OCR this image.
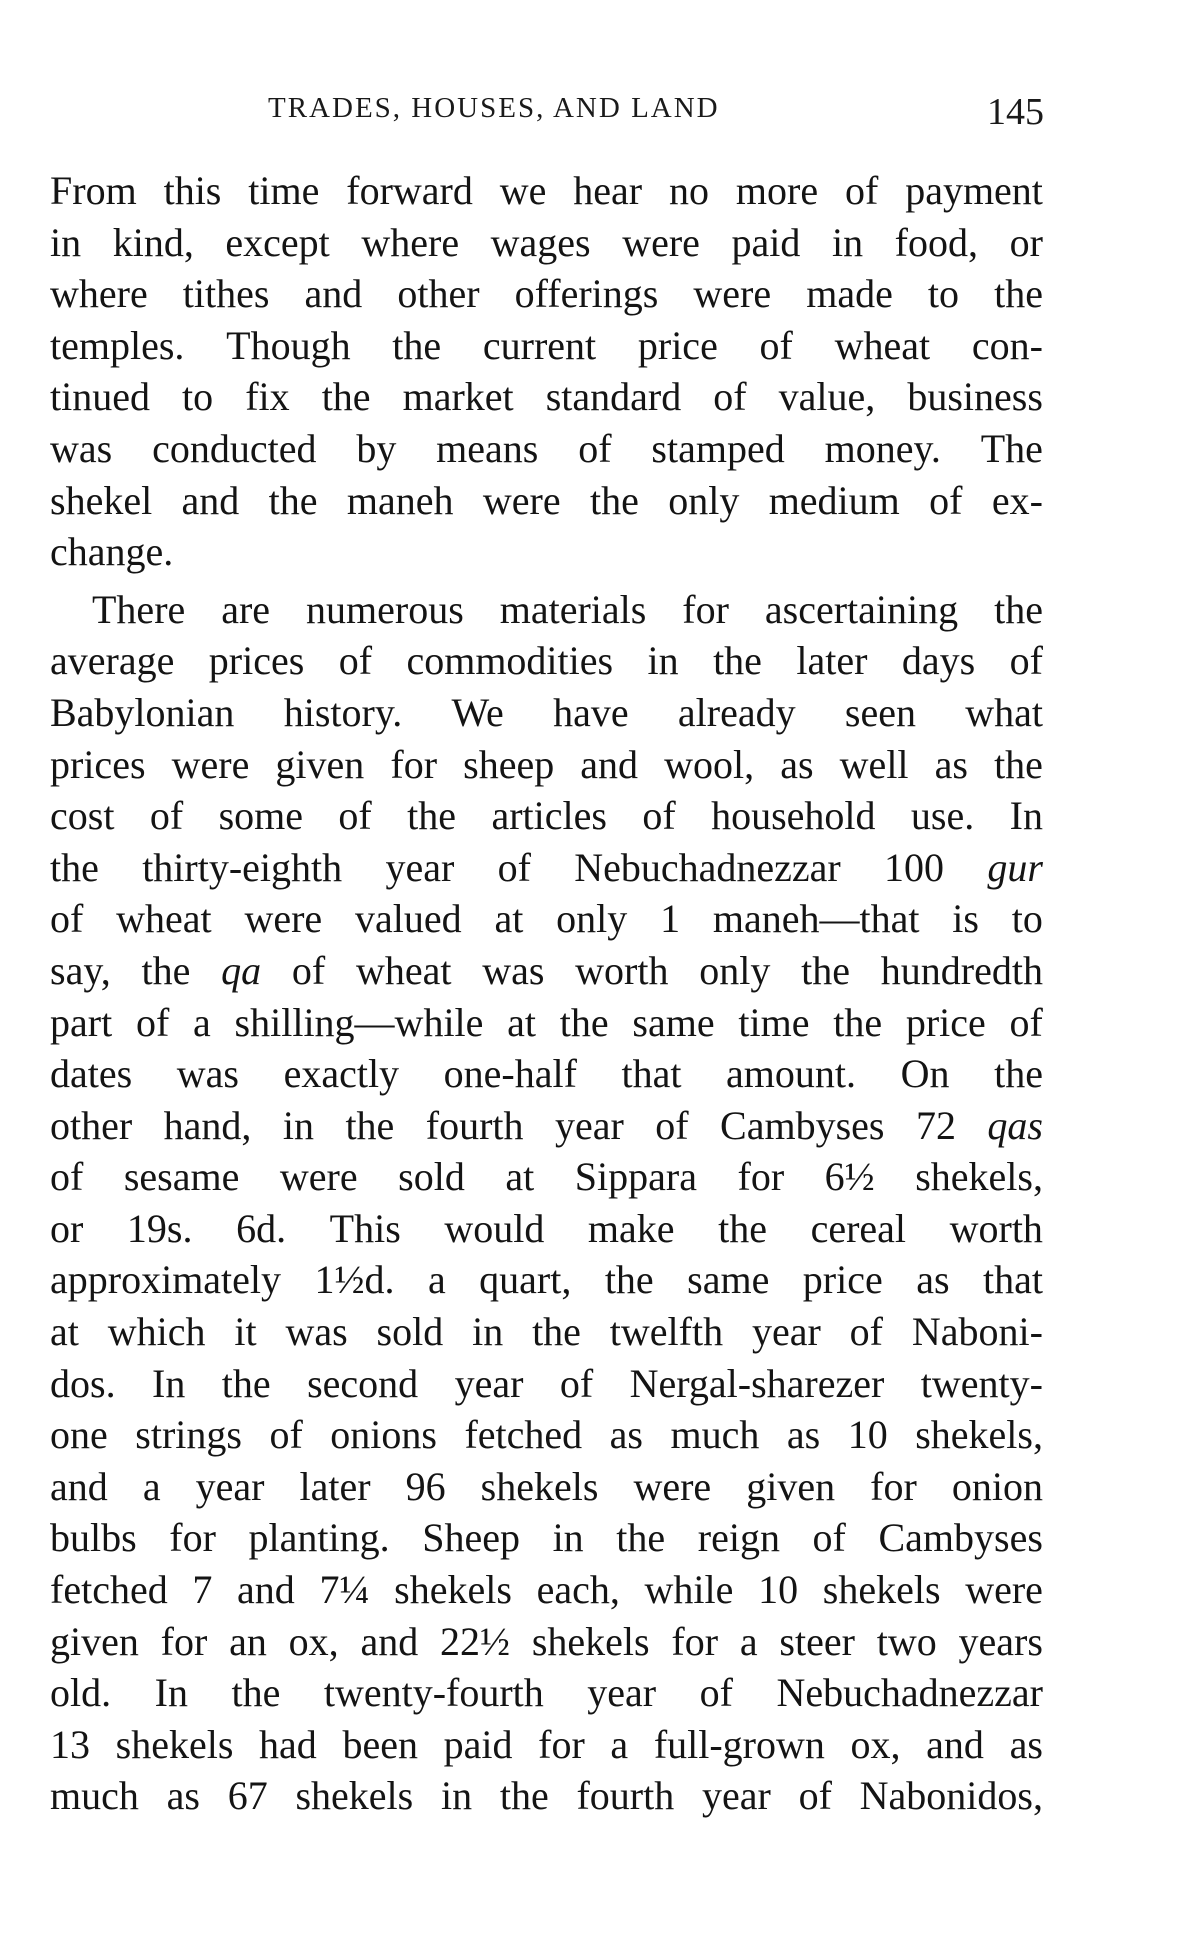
TRADES, HOUSES, AND LAND	145
From this time forward we hear no more of payment
in kind, except where wages were paid in food, or
where tithes and other offerings were made to the
temples. Though the current price of wheat con-
tinued to fix the market standard of value, business
was conducted by means of stamped money. The
shekel and the maneh were the only medium of ex-
change.
There are numerous materials for ascertaining the
average prices of commodities in the later days of
Babylonian history. We have already seen what
prices were given for sheep and wool, as well as the
cost of some of the articles of household use. In
the thirty-eighth year of Nebuchadnezzar 100 gur
of wheat were valued at only 1 maneh—that is to
say, the qa of wheat was worth only the hundredth
part of a shilling—while at the same time the price of
dates was exactly one-half that amount. On the
other hand, in the fourth year of Cambyses 72 qas
of sesame were sold at Sippara for 6½ shekels,
or 19s. 6d. This would make the cereal worth
approximately 1½d. a quart, the same price as that
at which it was sold in the twelfth year of Naboni-
dos. In the second year of Nergal-sharezer twenty-
one strings of onions fetched as much as 10 shekels,
and a year later 96 shekels were given for onion
bulbs for planting. Sheep in the reign of Cambyses
fetched 7 and 7¼ shekels each, while 10 shekels were
given for an ox, and 22½ shekels for a steer two years
old. In the twenty-fourth year of Nebuchadnezzar
13 shekels had been paid for a full-grown ox, and as
much as 67 shekels in the fourth year of Nabonidos,
